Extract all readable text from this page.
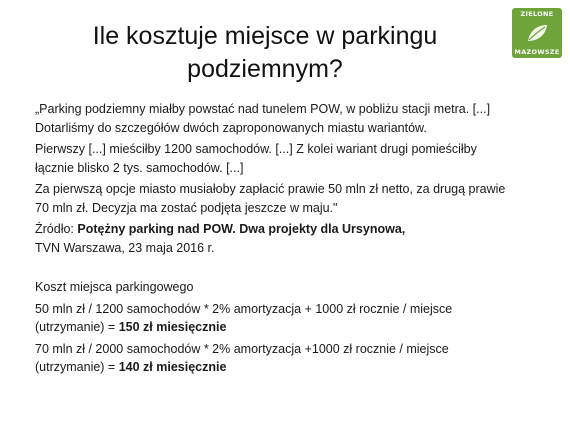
ZIELONE
MAZOWSZE
Ile kosztuje miejsce w parkingu
podziemnym?
„Parking podziemny miałby powstać nad tunelem POW, w pobliżu stacji metra. [...]
Dotarliśmy do szczegółów dwóch zaproponowanych miastu wariantów.
Pierwszy [...] mieściłby 1200 samochodów. [...] Z kolei wariant drugi pomieściłby
łącznie blisko 2 tys. samochodów. [...]
Za pierwszą opcje miasto musiałoby zapłacić prawie 50 mln zł netto, za drugą prawie
70 mln zł. Decyzja ma zostać podjęta jeszcze w maju."
Źródło: Potężny parking nad POW. Dwa projekty dla Ursynowa,
TVN Warszawa, 23 maja 2016 r.
Koszt miejsca parkingowego
50 mln zł / 1200 samochodów * 2% amortyzacja + 1000 zł rocznie / miejsce
(utrzymanie) = 150 zł miesięcznie
70 mln zł / 2000 samochodów * 2% amortyzacja +1000 zł rocznie / miejsce
(utrzymanie) = 140 zł miesięcznie
